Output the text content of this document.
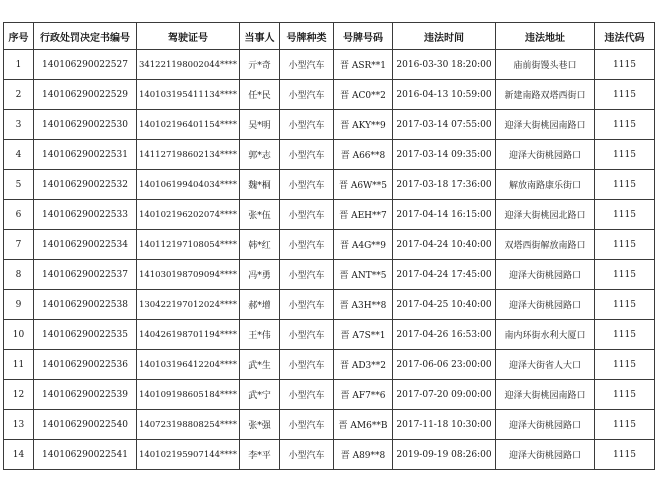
序号	行政处罚决定书编号	驾驶证号	当事人	号牌种类	号牌号码	违法时间	违法地址	违法代码
1	140106290022527	341221198002044****	亓*奇	小型汽车	晋 ASR**1	2016-03-30 18:20:00	庙前街馒头巷口	1115
2	140106290022529	140103195411134****	任*民	小型汽车	晋 AC0**2	2016-04-13 10:59:00	新建南路双塔西街口	1115
3	140106290022530	140102196401154****	吴*明	小型汽车	晋 AKY**9	2017-03-14 07:55:00	迎泽大街桃园南路口	1115
4	140106290022531	141127198602134****	郭*志	小型汽车	晋 A66**8	2017-03-14 09:35:00	迎泽大街桃园路口	1115
5	140106290022532	140106199404034****	魏*桐	小型汽车	晋 A6W**5	2017-03-18 17:36:00	解放南路康乐街口	1115
6	140106290022533	140102196202074****	张*伍	小型汽车	晋 AEH**7	2017-04-14 16:15:00	迎泽大街桃园北路口	1115
7	140106290022534	140112197108054****	韩*红	小型汽车	晋 A4G**9	2017-04-24 10:40:00	双塔西街解放南路口	1115
8	140106290022537	141030198709094****	冯*勇	小型汽车	晋 ANT**5	2017-04-24 17:45:00	迎泽大街桃园路口	1115
9	140106290022538	130422197012024****	郝*增	小型汽车	晋 A3H**8	2017-04-25 10:40:00	迎泽大街桃园路口	1115
10	140106290022535	140426198701194****	王*伟	小型汽车	晋 A7S**1	2017-04-26 16:53:00	南内环街水利大厦口	1115
11	140106290022536	140103196412204****	武*生	小型汽车	晋 AD3**2	2017-06-06 23:00:00	迎泽大街省人大口	1115
12	140106290022539	140109198605184****	武*宁	小型汽车	晋 AF7**6	2017-07-20 09:00:00	迎泽大街桃园南路口	1115
13	140106290022540	140723198808254****	张*强	小型汽车	晋 AM6**B	2017-11-18 10:30:00	迎泽大街桃园路口	1115
14	140106290022541	140102195907144****	李*平	小型汽车	晋 A89**8	2019-09-19 08:26:00	迎泽大街桃园路口	1115
